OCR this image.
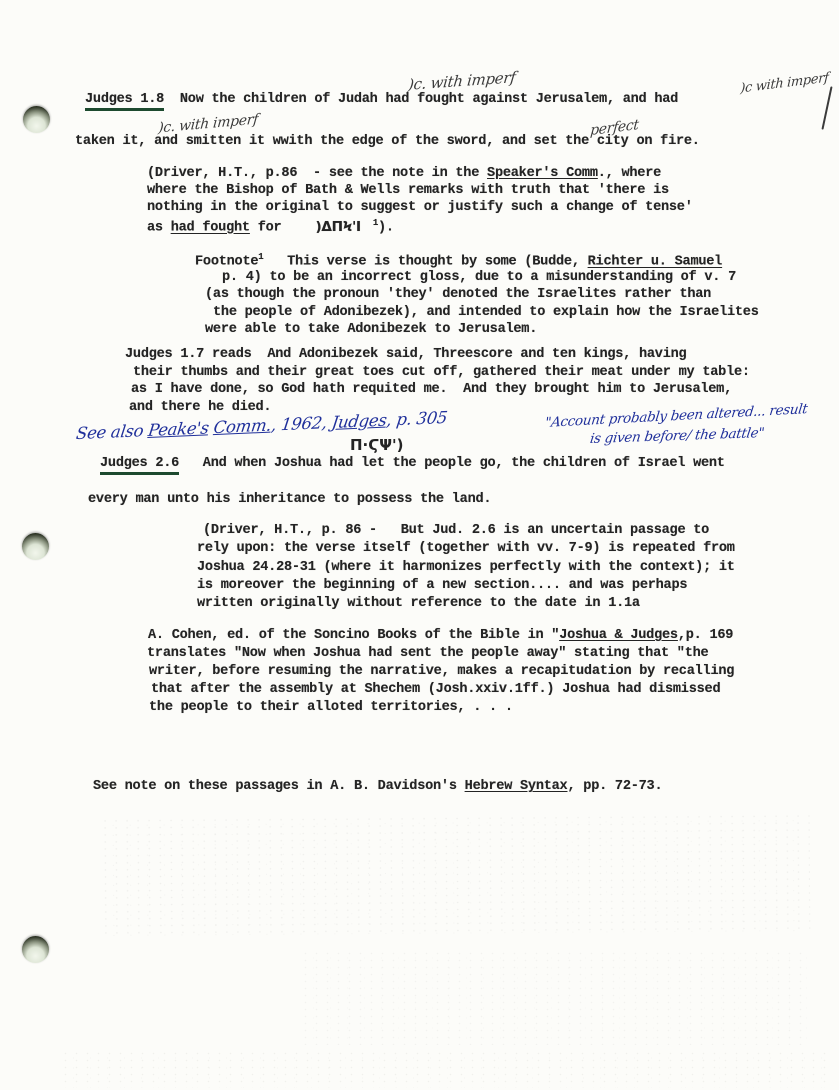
)c. with imperf	)c with imperf
)c. with imperf	perfect
Judges 1.8  Now the children of Judah had fought against Jerusalem, and had
taken it, and smitten it wwith the edge of the sword, and set the city on fire.
(Driver, H.T., p.86  - see the note in the Speaker's Comm., where
where the Bishop of Bath & Wells remarks with truth that 'there is
nothing in the original to suggest or justify such a change of tense'
as had fought for	)ΔΠϞ'Ι $^1$).
Footnote$^1$   This verse is thought by some (Budde, Richter u. Samuel
p. 4) to be an incorrect gloss, due to a misunderstanding of v. 7
(as though the pronoun 'they' denoted the Israelites rather than
the people of Adonibezek), and intended to explain how the Israelites
were able to take Adonibezek to Jerusalem.
Judges 1.7 reads  And Adonibezek said, Threescore and ten kings, having
their thumbs and their great toes cut off, gathered their meat under my table:
as I have done, so God hath requited me.  And they brought him to Jerusalem,
and there he died.
See also Peake's Comm., 1962, Judges, p. 305	"Account probably been altered... result
is given before/ the battle"
Π·ϚΨ')
Judges 2.6   And when Joshua had let the people go, the children of Israel went
every man unto his inheritance to possess the land.
(Driver, H.T., p. 86 -   But Jud. 2.6 is an uncertain passage to
rely upon: the verse itself (together with vv. 7-9) is repeated from
Joshua 24.28-31 (where it harmonizes perfectly with the context); it
is moreover the beginning of a new section.... and was perhaps
written originally without reference to the date in 1.1a
A. Cohen, ed. of the Soncino Books of the Bible in "Joshua & Judges,p. 169
translates "Now when Joshua had sent the people away" stating that "the
writer, before resuming the narrative, makes a recapitudation by recalling
that after the assembly at Shechem (Josh.xxiv.1ff.) Joshua had dismissed
the people to their alloted territories, . . .
See note on these passages in A. B. Davidson's Hebrew Syntax, pp. 72-73.
